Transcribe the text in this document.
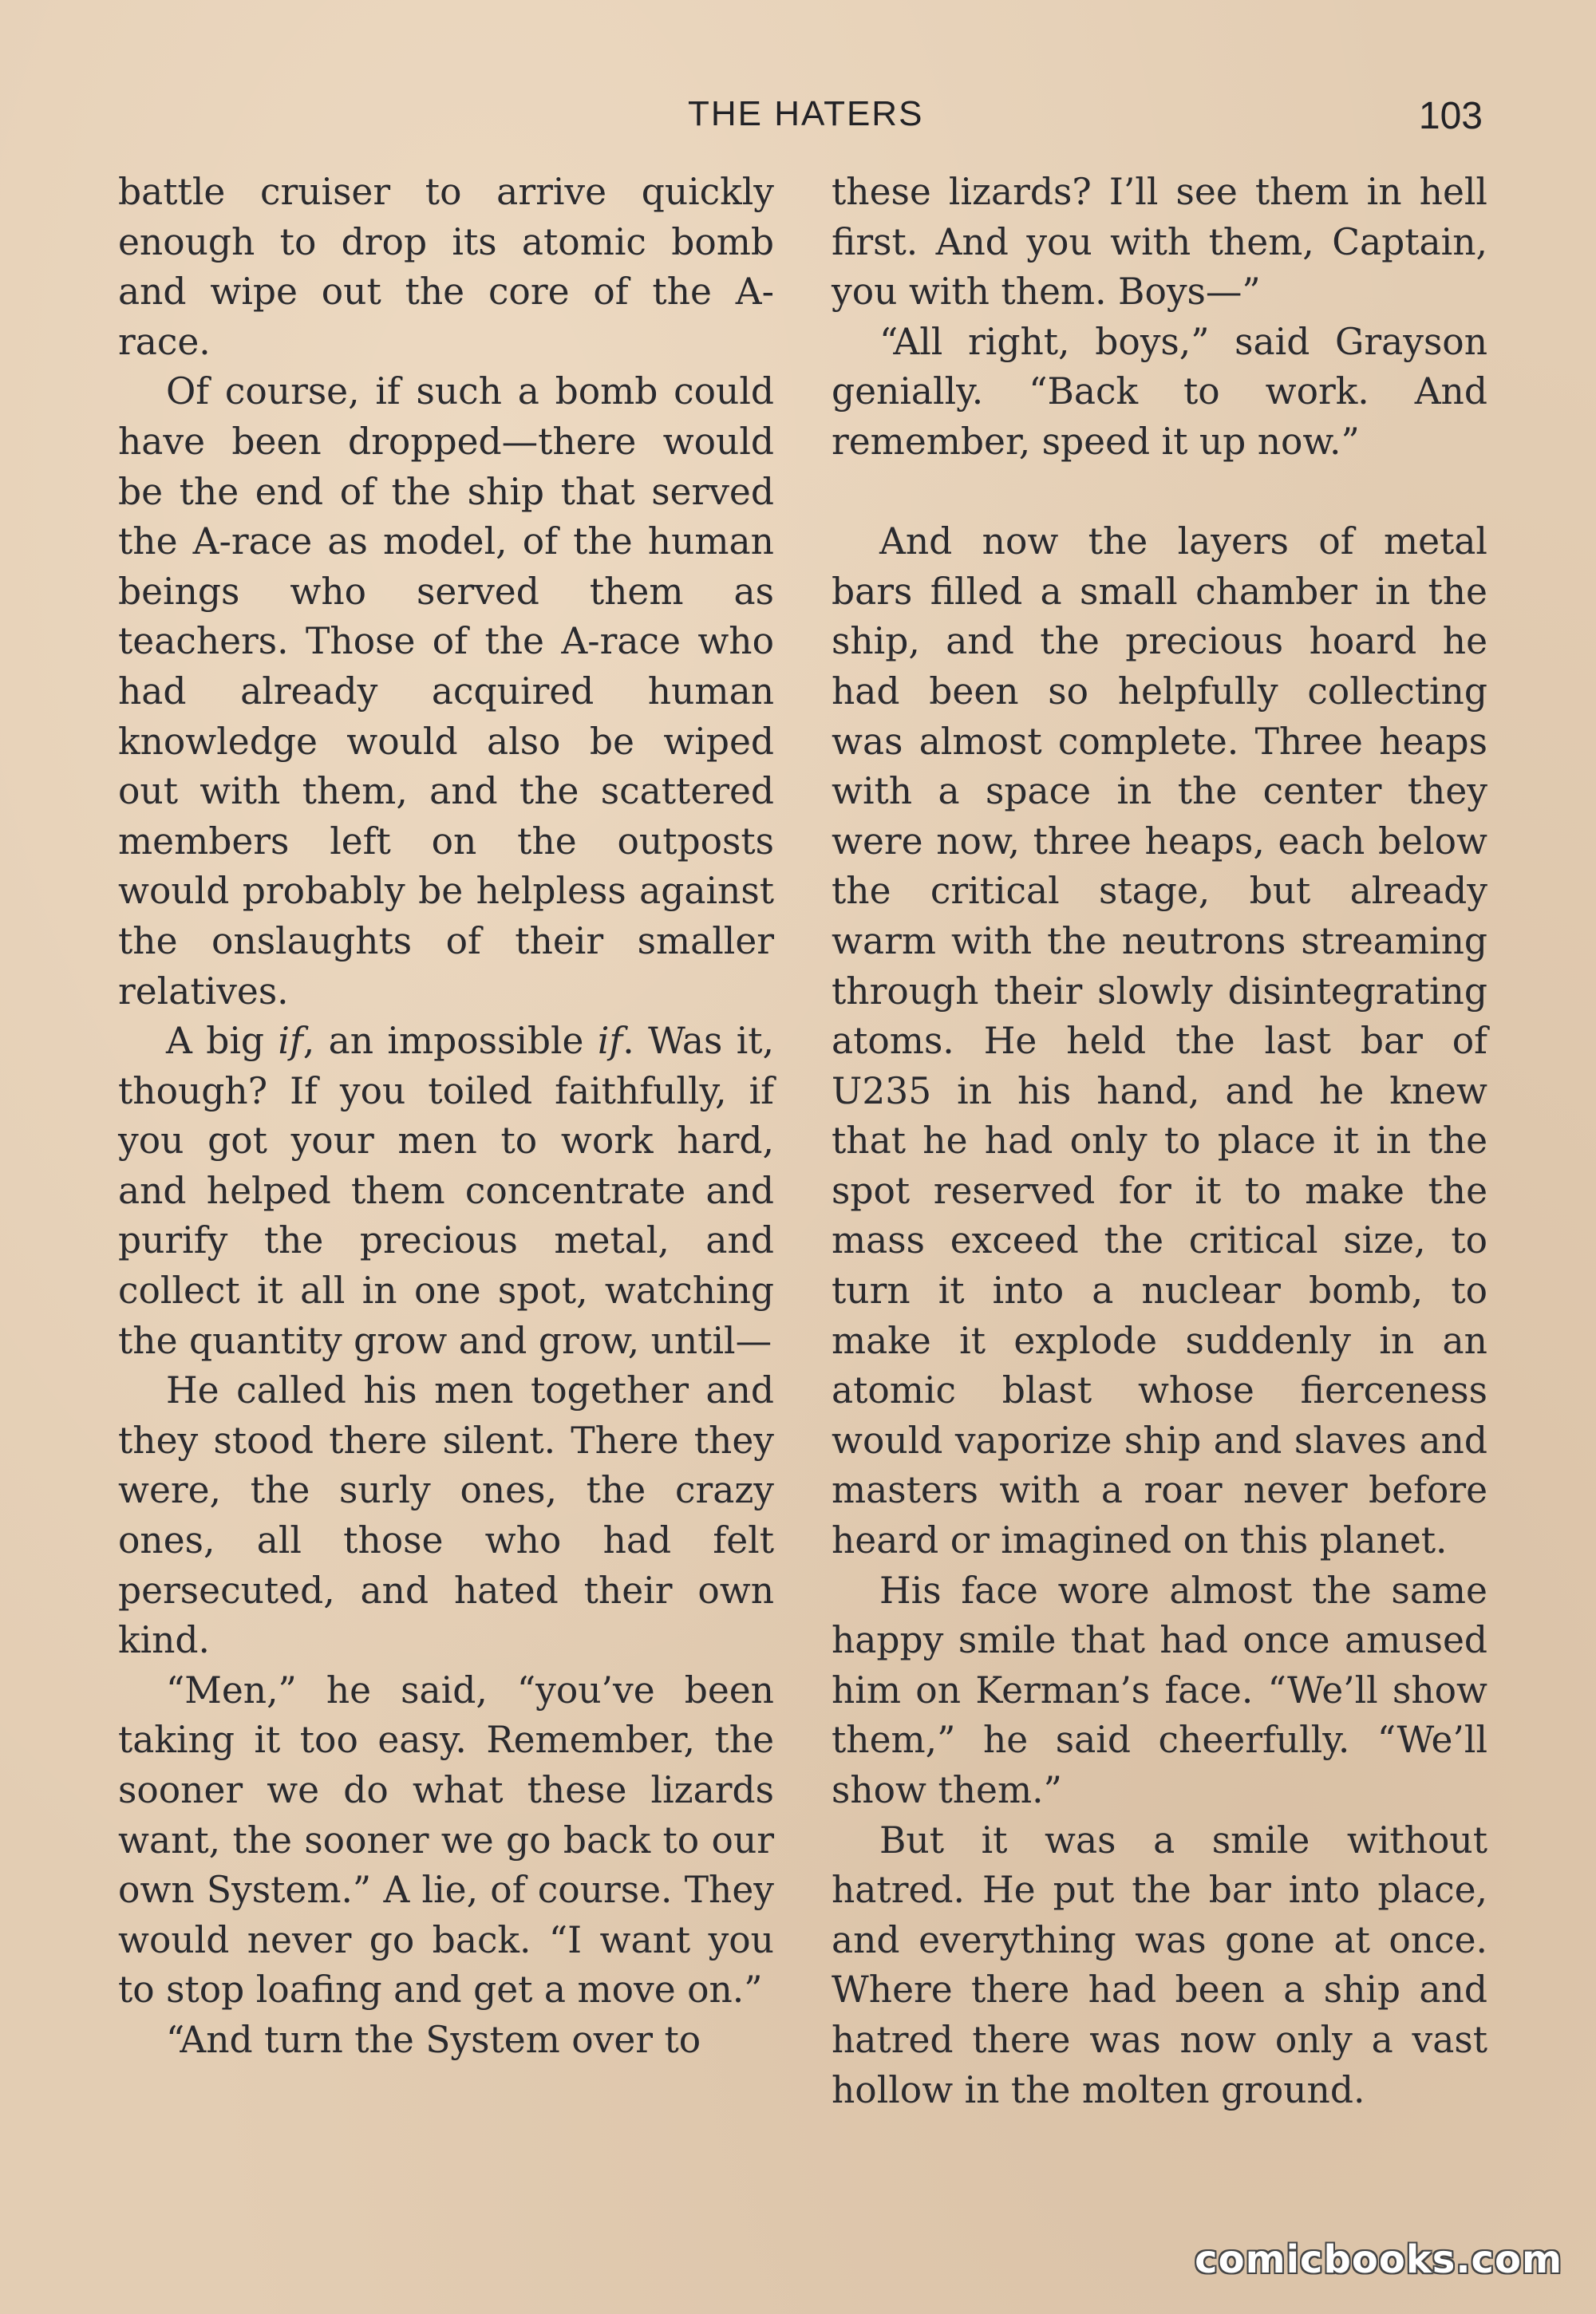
THE HATERS	103

battle cruiser to arrive quickly enough to drop its atomic bomb and wipe out the core of the A-race.

Of course, if such a bomb could have been dropped—there would be the end of the ship that served the A-race as model, of the human beings who served them as teachers. Those of the A-race who had already acquired human knowledge would also be wiped out with them, and the scattered members left on the outposts would probably be helpless against the onslaughts of their smaller relatives.

A big if, an impossible if. Was it, though? If you toiled faithfully, if you got your men to work hard, and helped them concentrate and purify the precious metal, and collect it all in one spot, watching the quantity grow and grow, until—

He called his men together and they stood there silent. There they were, the surly ones, the crazy ones, all those who had felt persecuted, and hated their own kind.

“Men,” he said, “you’ve been taking it too easy. Remember, the sooner we do what these lizards want, the sooner we go back to our own System.” A lie, of course. They would never go back. “I want you to stop loafing and get a move on.”

“And turn the System over to

these lizards? I’ll see them in hell first. And you with them, Captain, you with them. Boys—”

“All right, boys,” said Grayson genially. “Back to work. And remember, speed it up now.”

And now the layers of metal bars filled a small chamber in the ship, and the precious hoard he had been so helpfully collecting was almost complete. Three heaps with a space in the center they were now, three heaps, each below the critical stage, but already warm with the neutrons streaming through their slowly disintegrating atoms. He held the last bar of U235 in his hand, and he knew that he had only to place it in the spot reserved for it to make the mass exceed the critical size, to turn it into a nuclear bomb, to make it explode suddenly in an atomic blast whose fierceness would vaporize ship and slaves and masters with a roar never before heard or imagined on this planet.

His face wore almost the same happy smile that had once amused him on Kerman’s face. “We’ll show them,” he said cheerfully. “We’ll show them.”

But it was a smile without hatred. He put the bar into place, and everything was gone at once. Where there had been a ship and hatred there was now only a vast hollow in the molten ground.

comicbooks.com
